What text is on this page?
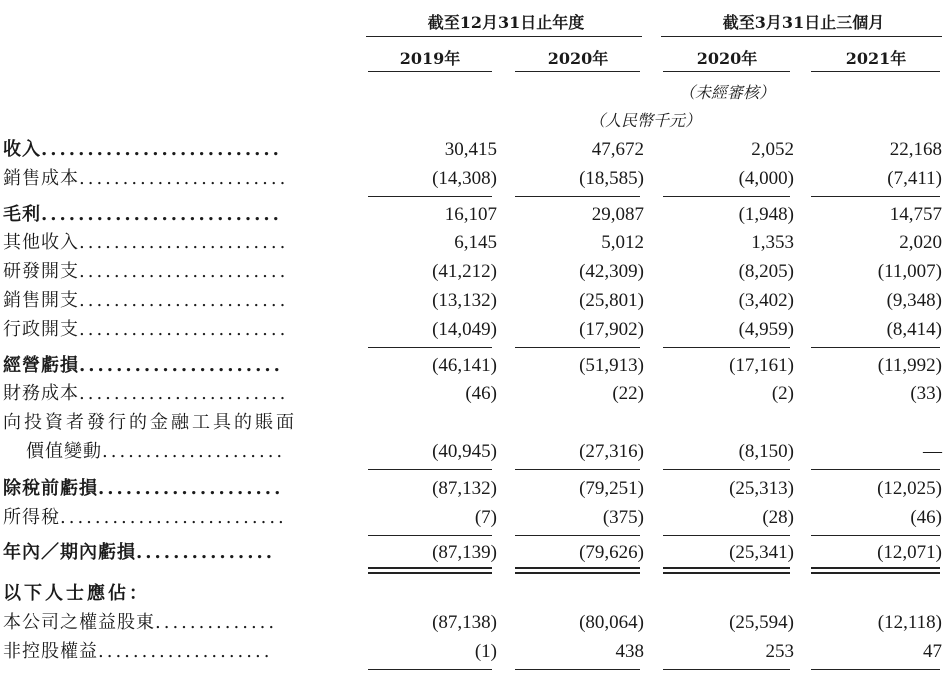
截至12月31日止年度	截至3月31日止三個月
2019年	2020年	2020年	2021年
（未經審核）
（人民幣千元）
收入..........................	30,415	47,672	2,052	22,168
銷售成本........................	(14,308)	(18,585)	(4,000)	(7,411)
毛利..........................	16,107	29,087	(1,948)	14,757
其他收入........................	6,145	5,012	1,353	2,020
研發開支........................	(41,212)	(42,309)	(8,205)	(11,007)
銷售開支........................	(13,132)	(25,801)	(3,402)	(9,348)
行政開支........................	(14,049)	(17,902)	(4,959)	(8,414)
經營虧損......................	(46,141)	(51,913)	(17,161)	(11,992)
財務成本........................	(46)	(22)	(2)	(33)
向投資者發行的金融工具的賬面
價值變動.....................	(40,945)	(27,316)	(8,150)	—
除稅前虧損....................	(87,132)	(79,251)	(25,313)	(12,025)
所得稅..........................	(7)	(375)	(28)	(46)
年內／期內虧損...............	(87,139)	(79,626)	(25,341)	(12,071)
以下人士應佔：
本公司之權益股東..............	(87,138)	(80,064)	(25,594)	(12,118)
非控股權益....................	(1)	438	253	47
